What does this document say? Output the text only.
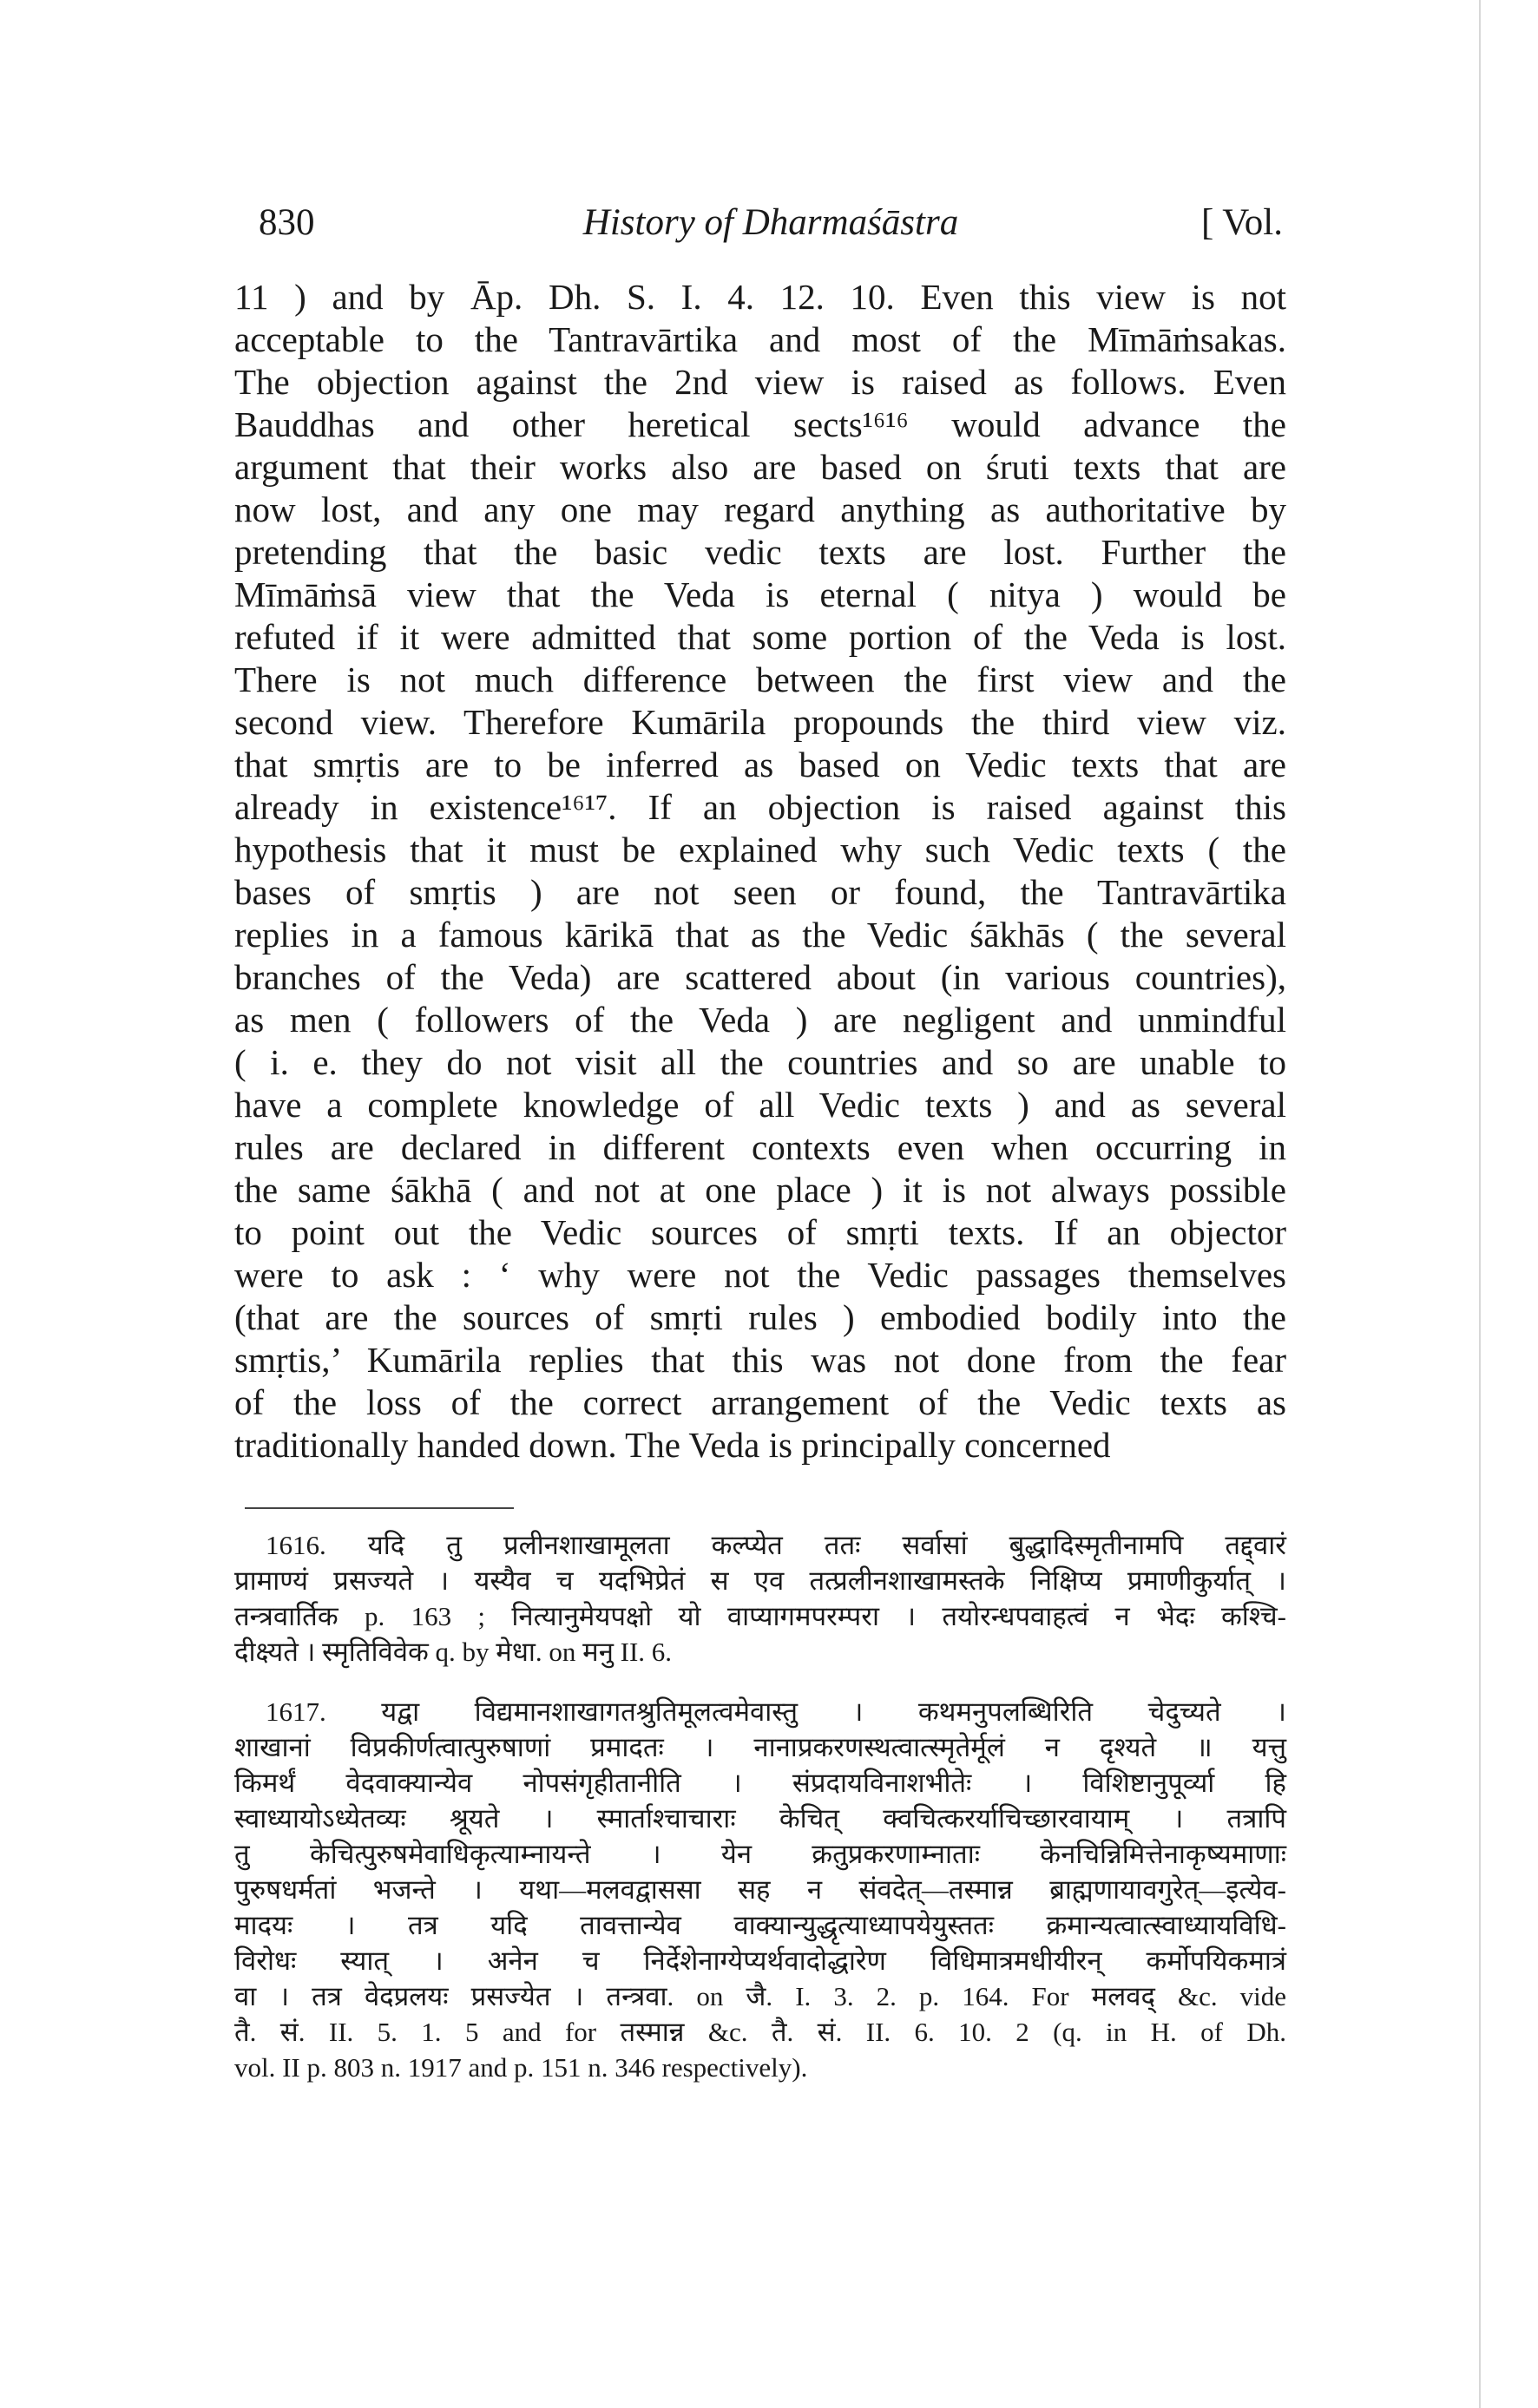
830	History of Dharmaśāstra	[ Vol.
11 ) and by Āp. Dh. S. I. 4. 12. 10. Even this view is not
acceptable to the Tantravārtika and most of the Mīmāṁsakas.
The objection against the 2nd view is raised as follows. Even
Bauddhas and other heretical sects¹⁶¹⁶ would advance the
argument that their works also are based on śruti texts that are
now lost, and any one may regard anything as authoritative by
pretending that the basic vedic texts are lost. Further the
Mīmāṁsā view that the Veda is eternal ( nitya ) would be
refuted if it were admitted that some portion of the Veda is lost.
There is not much difference between the first view and the
second view. Therefore Kumārila propounds the third view viz.
that smṛtis are to be inferred as based on Vedic texts that are
already in existence¹⁶¹⁷. If an objection is raised against this
hypothesis that it must be explained why such Vedic texts ( the
bases of smṛtis ) are not seen or found, the Tantravārtika
replies in a famous kārikā that as the Vedic śākhās ( the several
branches of the Veda) are scattered about (in various countries),
as men ( followers of the Veda ) are negligent and unmindful
( i. e. they do not visit all the countries and so are unable to
have a complete knowledge of all Vedic texts ) and as several
rules are declared in different contexts even when occurring in
the same śākhā ( and not at one place ) it is not always possible
to point out the Vedic sources of smṛti texts. If an objector
were to ask : ‘ why were not the Vedic passages themselves
(that are the sources of smṛti rules ) embodied bodily into the
smṛtis,’ Kumārila replies that this was not done from the fear
of the loss of the correct arrangement of the Vedic texts as
traditionally handed down. The Veda is principally concerned
1616. यदि तु प्रलीनशाखामूलता कल्प्येत ततः सर्वासां बुद्धादिस्मृतीनामपि तद्द्वारं
प्रामाण्यं प्रसज्यते । यस्यैव च यदभिप्रेतं स एव तत्प्रलीनशाखामस्तके निक्षिप्य प्रमाणीकुर्यात् ।
तन्त्रवार्तिक p. 163 ; नित्यानुमेयपक्षो यो वाप्यागमपरम्परा । तयोरन्धपवाहत्वं न भेदः कश्चि-
दीक्ष्यते । स्मृतिविवेक q. by मेधा. on मनु II. 6.
1617. यद्वा विद्यमानशाखागतश्रुतिमूलत्वमेवास्तु । कथमनुपलब्धिरिति चेदुच्यते ।
शाखानां विप्रकीर्णत्वात्पुरुषाणां प्रमादतः । नानाप्रकरणस्थत्वात्स्मृतेर्मूलं न दृश्यते ॥ यत्तु
किमर्थं वेदवाक्यान्येव नोपसंगृहीतानीति । संप्रदायविनाशभीतेः । विशिष्टानुपूर्व्या हि
स्वाध्यायोऽध्येतव्यः श्रूयते । स्मार्ताश्चाचाराः केचित् क्वचित्करर्याचिच्छारवायाम् । तत्रापि
तु केचित्पुरुषमेवाधिकृत्याम्नायन्ते । येन क्रतुप्रकरणाम्नाताः केनचिन्निमित्तेनाकृष्यमाणाः
पुरुषधर्मतां भजन्ते । यथा—मलवद्वाससा सह न संवदेत्—तस्मान्न ब्राह्मणायावगुरेत्—इत्येव-
मादयः । तत्र यदि तावत्तान्येव वाक्यान्युद्धृत्याध्यापयेयुस्ततः क्रमान्यत्वात्स्वाध्यायविधि-
विरोधः स्यात् । अनेन च निर्देशेनाग्येप्यर्थवादोद्धारेण विधिमात्रमधीयीरन् कर्मोपयिकमात्रं
वा । तत्र वेदप्रलयः प्रसज्येत । तन्त्रवा. on जै. I. 3. 2. p. 164. For मलवद् &c. vide
तै. सं. II. 5. 1. 5 and for तस्मान्न &c. तै. सं. II. 6. 10. 2 (q. in H. of Dh.
vol. II p. 803 n. 1917 and p. 151 n. 346 respectively).
